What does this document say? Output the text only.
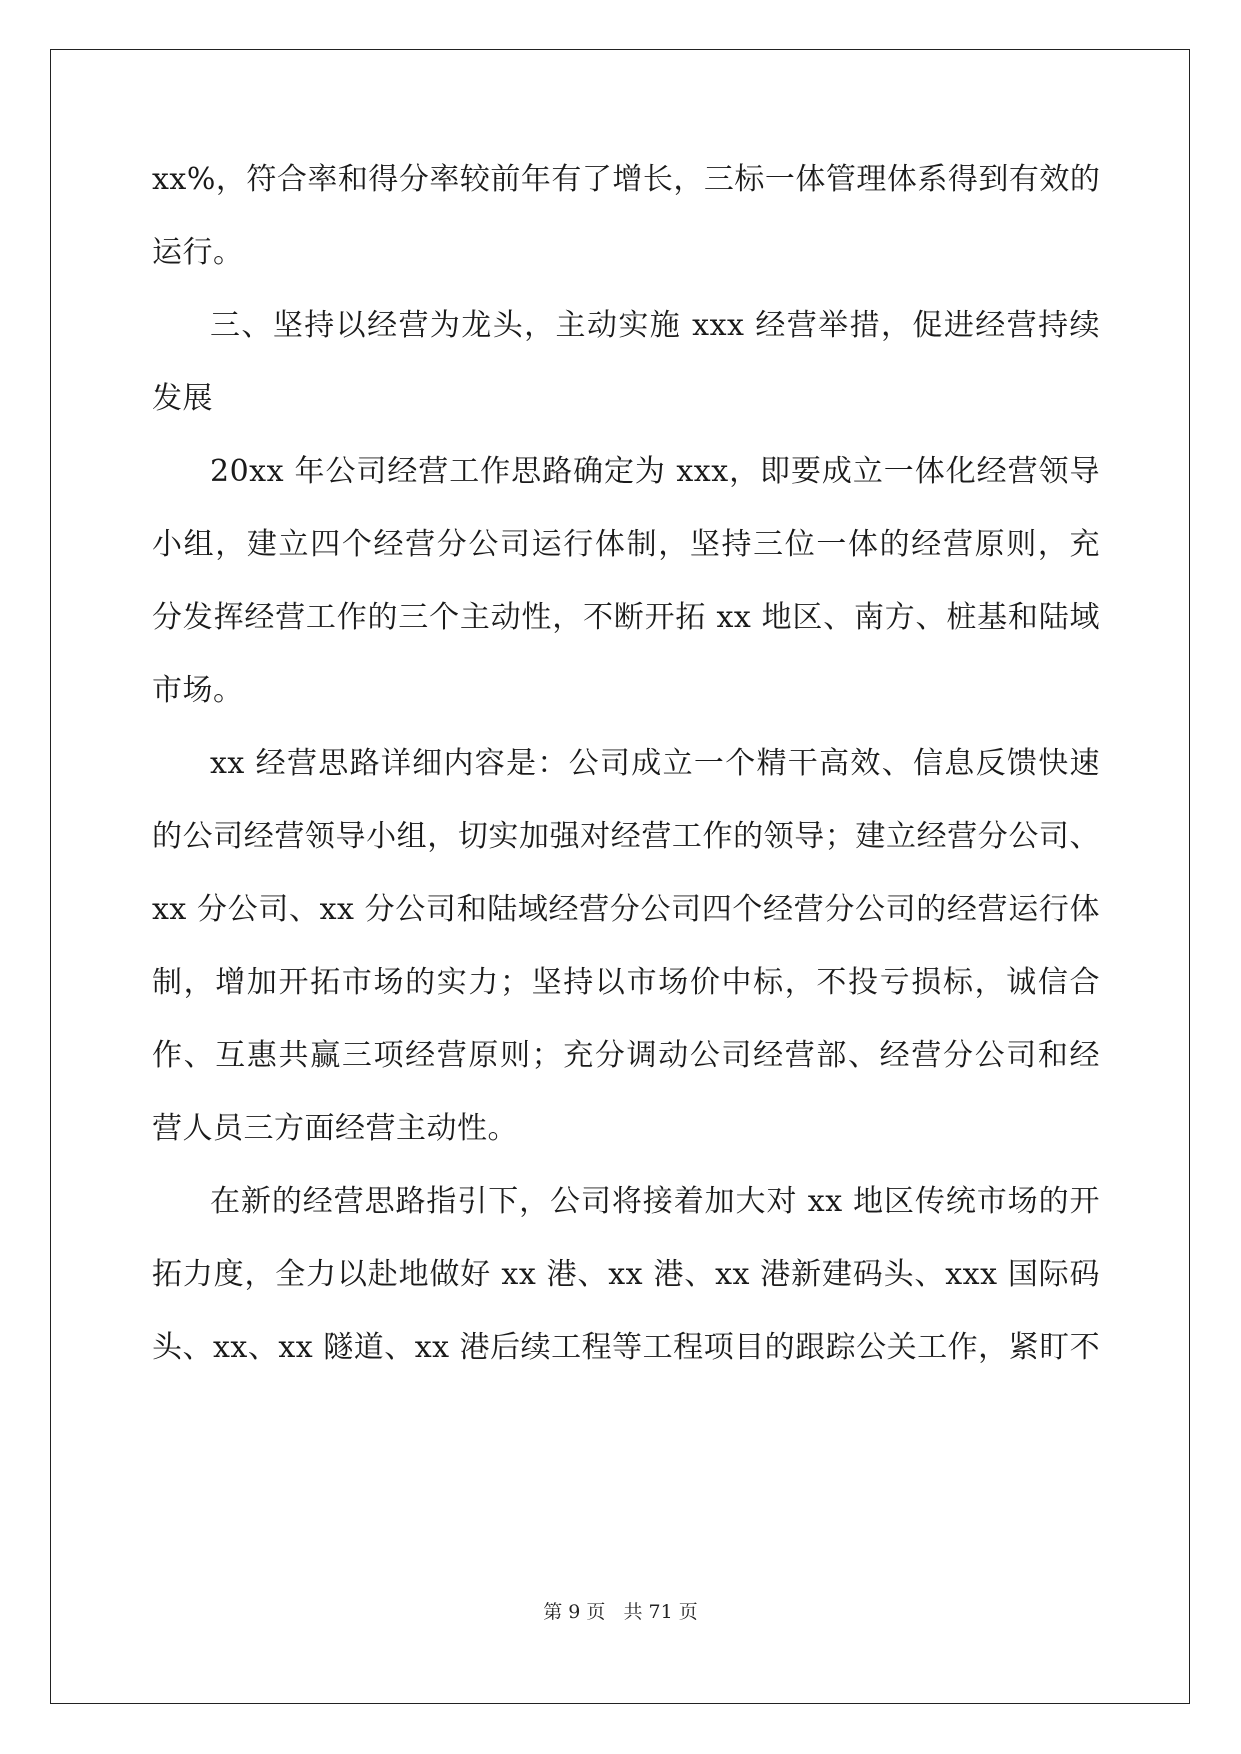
xx%，符合率和得分率较前年有了增长，三标一体管理体系得到有效的
运行。
三、坚持以经营为龙头，主动实施 xxx 经营举措，促进经营持续
发展
20xx 年公司经营工作思路确定为 xxx，即要成立一体化经营领导
小组，建立四个经营分公司运行体制，坚持三位一体的经营原则，充
分发挥经营工作的三个主动性，不断开拓 xx 地区、南方、桩基和陆域
市场。
xx 经营思路详细内容是：公司成立一个精干高效、信息反馈快速
的公司经营领导小组，切实加强对经营工作的领导；建立经营分公司、
xx 分公司、xx 分公司和陆域经营分公司四个经营分公司的经营运行体
制，增加开拓市场的实力；坚持以市场价中标，不投亏损标，诚信合
作、互惠共赢三项经营原则；充分调动公司经营部、经营分公司和经
营人员三方面经营主动性。
在新的经营思路指引下，公司将接着加大对 xx 地区传统市场的开
拓力度，全力以赴地做好 xx 港、xx 港、xx 港新建码头、xxx 国际码
头、xx、xx 隧道、xx 港后续工程等工程项目的跟踪公关工作，紧盯不
第 9 页 共 71 页
